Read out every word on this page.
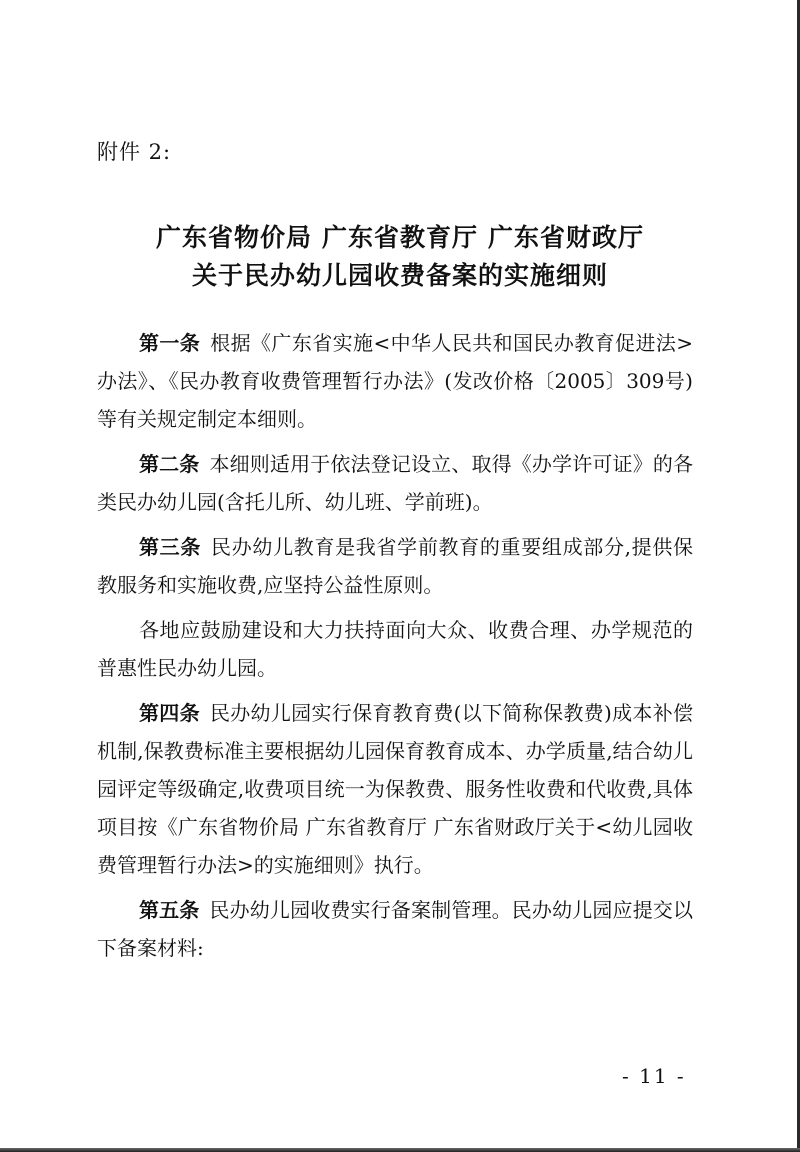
附件 2:
广东省物价局 广东省教育厅 广东省财政厅
关于民办幼儿园收费备案的实施细则

第一条 根据《广东省实施<中华人民共和国民办教育促进法>办法》、《民办教育收费管理暂行办法》(发改价格〔2005〕309号)等有关规定制定本细则。

第二条 本细则适用于依法登记设立、取得《办学许可证》的各类民办幼儿园(含托儿所、幼儿班、学前班)。

第三条 民办幼儿教育是我省学前教育的重要组成部分,提供保教服务和实施收费,应坚持公益性原则。

各地应鼓励建设和大力扶持面向大众、收费合理、办学规范的普惠性民办幼儿园。

第四条 民办幼儿园实行保育教育费(以下简称保教费)成本补偿机制,保教费标准主要根据幼儿园保育教育成本、办学质量,结合幼儿园评定等级确定,收费项目统一为保教费、服务性收费和代收费,具体项目按《广东省物价局 广东省教育厅 广东省财政厅关于<幼儿园收费管理暂行办法>的实施细则》执行。

第五条 民办幼儿园收费实行备案制管理。民办幼儿园应提交以下备案材料:

- 11 -
